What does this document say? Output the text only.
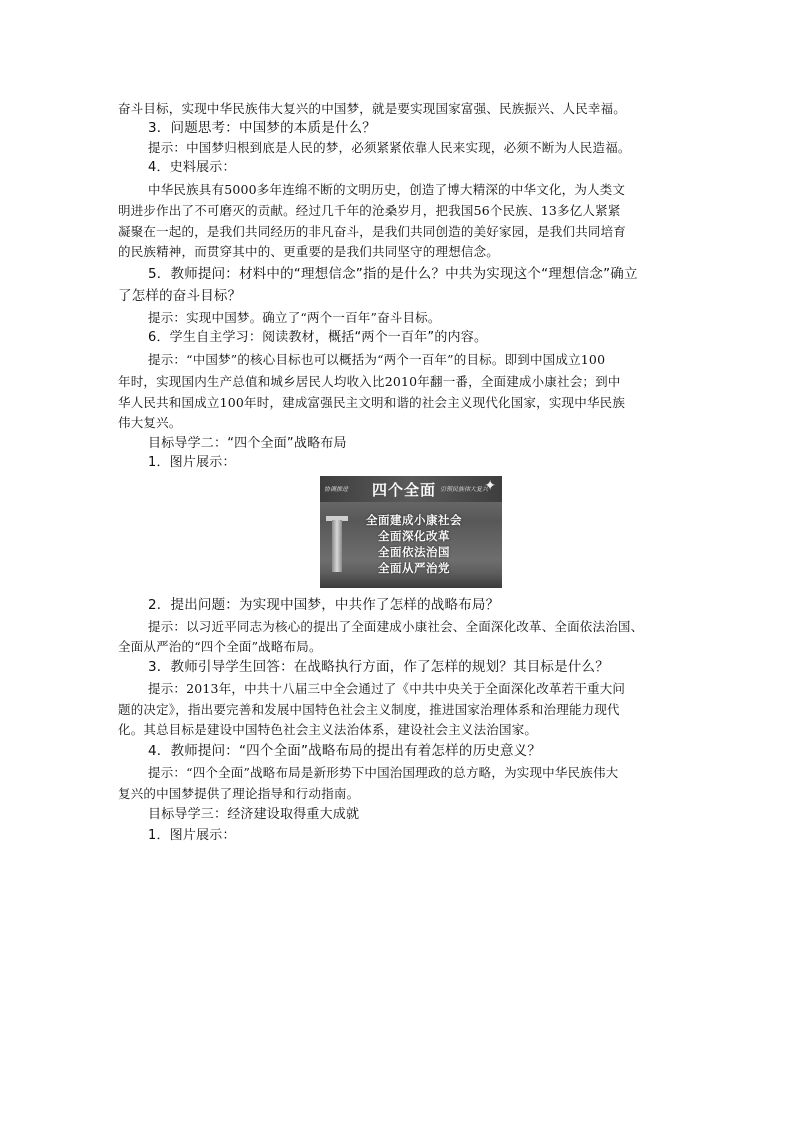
奋斗目标，实现中华民族伟大复兴的中国梦，就是要实现国家富强、民族振兴、人民幸福。
3．问题思考：中国梦的本质是什么？
提示：中国梦归根到底是人民的梦，必须紧紧依靠人民来实现，必须不断为人民造福。
4．史料展示：
中华民族具有5000多年连绵不断的文明历史，创造了博大精深的中华文化，为人类文
明进步作出了不可磨灭的贡献。经过几千年的沧桑岁月，把我国56个民族、13多亿人紧紧
凝聚在一起的，是我们共同经历的非凡奋斗，是我们共同创造的美好家园，是我们共同培育
的民族精神，而贯穿其中的、更重要的是我们共同坚守的理想信念。
5．教师提问：材料中的“理想信念”指的是什么？中共为实现这个“理想信念”确立
了怎样的奋斗目标？
提示：实现中国梦。确立了“两个一百年”奋斗目标。
6．学生自主学习：阅读教材，概括“两个一百年”的内容。
提示：“中国梦”的核心目标也可以概括为“两个一百年”的目标。即到中国成立100
年时，实现国内生产总值和城乡居民人均收入比2010年翻一番，全面建成小康社会；到中
华人民共和国成立100年时，建成富强民主文明和谐的社会主义现代化国家，实现中华民族
伟大复兴。
目标导学二：“四个全面”战略布局
1．图片展示：
协调推进 四个全面 引领民族伟大复兴
✦
全面建成小康社会
全面深化改革
全面依法治国
全面从严治党
2．提出问题：为实现中国梦，中共作了怎样的战略布局？
提示：以习近平同志为核心的提出了全面建成小康社会、全面深化改革、全面依法治国、
全面从严治的“四个全面”战略布局。
3．教师引导学生回答：在战略执行方面，作了怎样的规划？其目标是什么？
提示：2013年，中共十八届三中全会通过了《中共中央关于全面深化改革若干重大问
题的决定》，指出要完善和发展中国特色社会主义制度，推进国家治理体系和治理能力现代
化。其总目标是建设中国特色社会主义法治体系，建设社会主义法治国家。
4．教师提问：“四个全面”战略布局的提出有着怎样的历史意义？
提示：“四个全面”战略布局是新形势下中国治国理政的总方略，为实现中华民族伟大
复兴的中国梦提供了理论指导和行动指南。
目标导学三：经济建设取得重大成就
1．图片展示：
